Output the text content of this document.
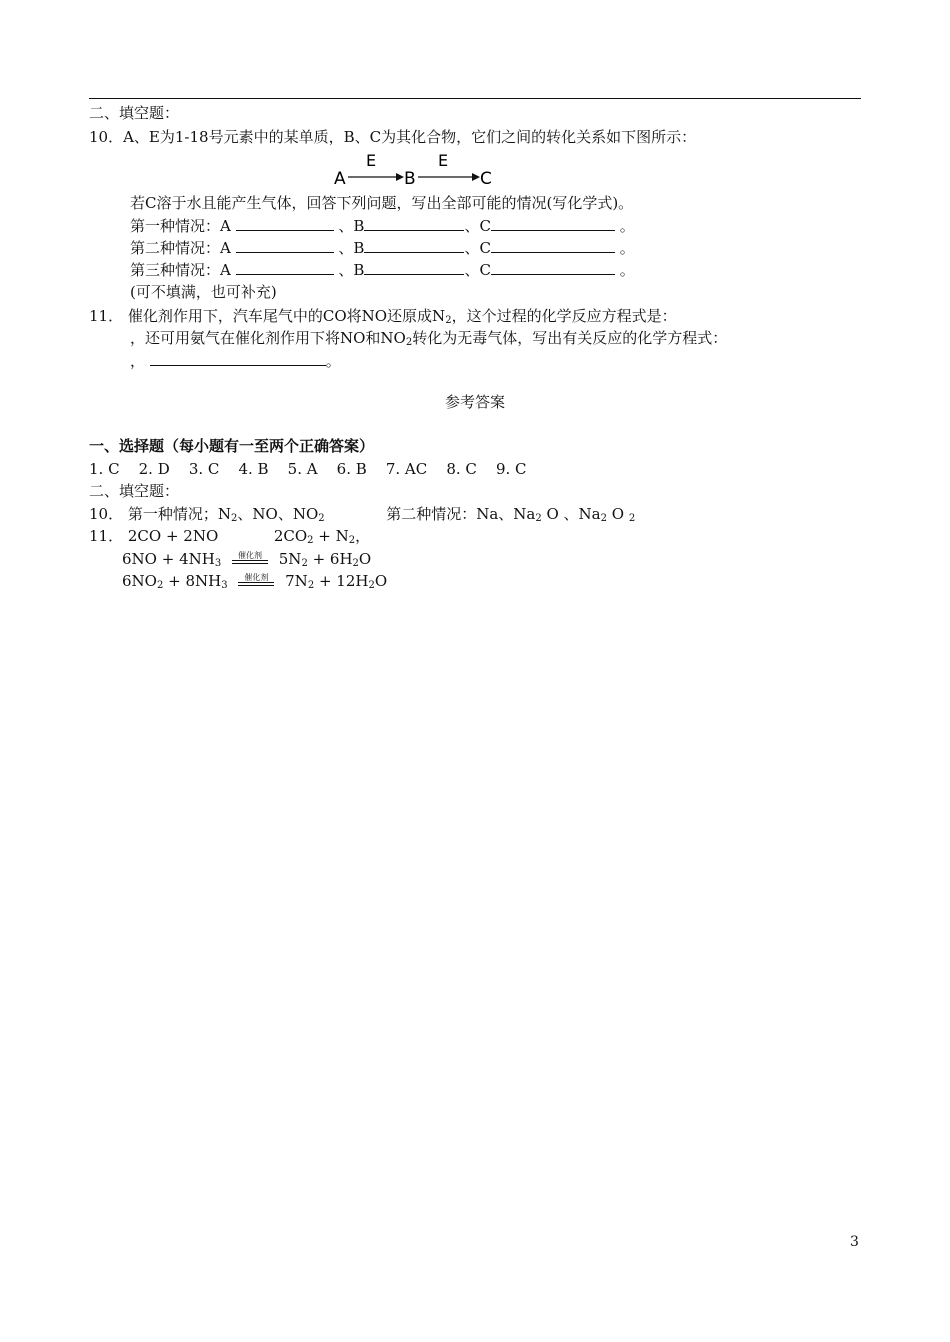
二、填空题：
10．A、E为1-18号元素中的某单质，B、C为其化合物，它们之间的转化关系如下图所示：
A
E
B
E
C
若C溶于水且能产生气体，回答下列问题，写出全部可能的情况(写化学式)。
第一种情况：A	、B	、C	。
第二种情况：A	、B	、C	。
第三种情况：A	、B	、C	。
(可不填满，也可补充)
11． 催化剂作用下，汽车尾气中的CO将NO还原成$N_2$，这个过程的化学反应方程式是：
，还可用氨气在催化剂作用下将NO和$NO_2$转化为无毒气体，写出有关反应的化学方程式：
，	。
参考答案
一、选择题（每小题有一至两个正确答案）
1. C 2. D 3. C 4. B 5. A 6. B 7. AC 8. C 9. C
二、填空题：
10． 第一种情况；$N_2$、NO、$NO_2$	第二种情况：Na、$Na_2$ O 、$Na_2$ O $_2$
11． 2CO + 2NO	$2CO_2 + N_2$，
$6NO + 4NH_3$
催化剂	$5N_2 + 6H_2O$
$6NO_2 + 8NH_3$
催化剂	$7N_2 + 12H_2O$
3
